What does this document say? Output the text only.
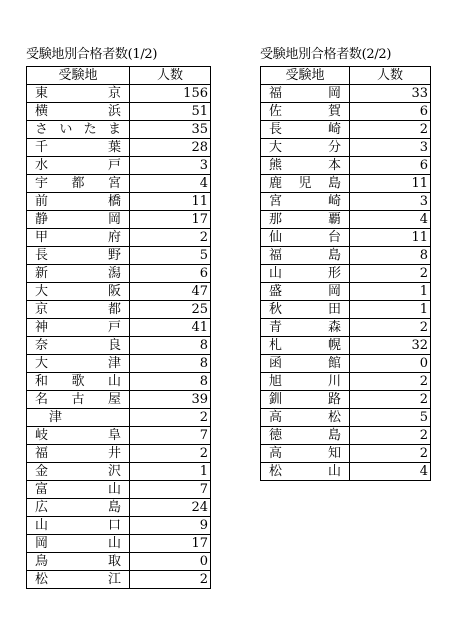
受験地別合格者数(1/2)
受験地	人数
東　京	156
横　浜	51
さいたま	35
千　葉	28
水　戸	3
宇都宮	4
前　橋	11
静　岡	17
甲　府	2
長　野	5
新　潟	6
大　阪	47
京　都	25
神　戸	41
奈　良	8
大　津	8
和歌山	8
名古屋	39
津	2
岐　阜	7
福　井	2
金　沢	1
富　山	7
広　島	24
山　口	9
岡　山	17
鳥　取	0
松　江	2
受験地別合格者数(2/2)
受験地	人数
福　岡	33
佐　賀	6
長　崎	2
大　分	3
熊　本	6
鹿児島	11
宮　崎	3
那　覇	4
仙　台	11
福　島	8
山　形	2
盛　岡	1
秋　田	1
青　森	2
札　幌	32
函　館	0
旭　川	2
釧　路	2
高　松	5
徳　島	2
高　知	2
松　山	4
